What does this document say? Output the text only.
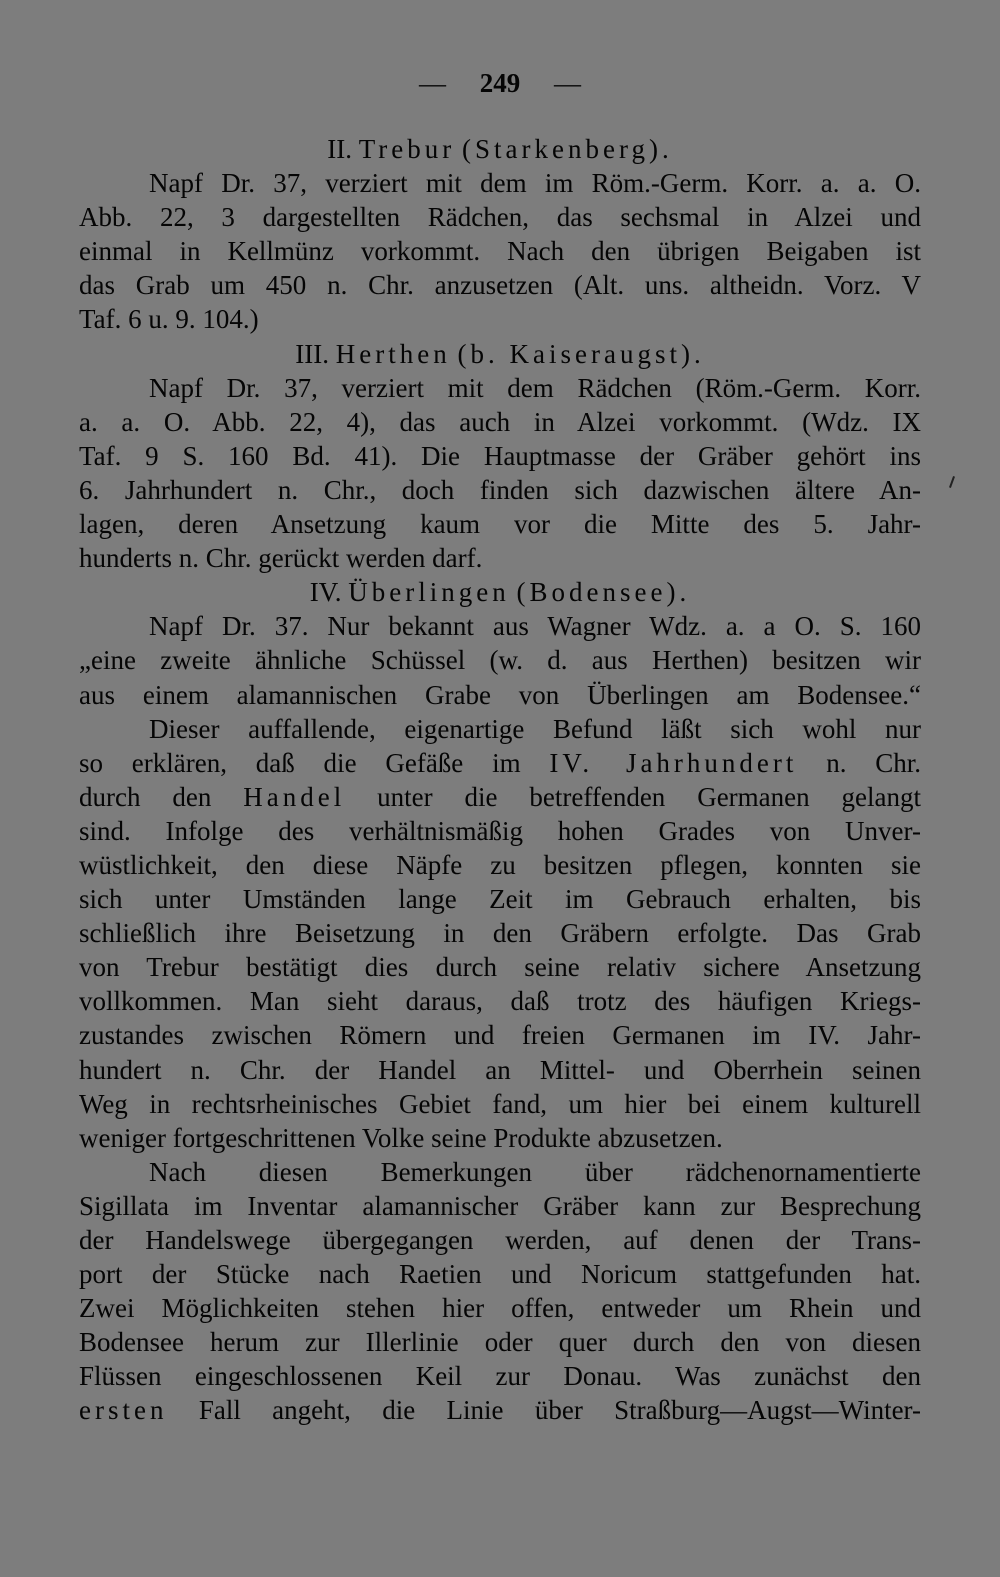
— 249 —
II. Trebur (Starkenberg).
Napf Dr. 37, verziert mit dem im Röm.-Germ. Korr. a. a. O.
Abb. 22, 3 dargestellten Rädchen, das sechsmal in Alzei und
einmal in Kellmünz vorkommt. Nach den übrigen Beigaben ist
das Grab um 450 n. Chr. anzusetzen (Alt. uns. altheidn. Vorz. V
Taf. 6 u. 9. 104.)
III. Herthen (b. Kaiseraugst).
Napf Dr. 37, verziert mit dem Rädchen (Röm.-Germ. Korr.
a. a. O. Abb. 22, 4), das auch in Alzei vorkommt. (Wdz. IX
Taf. 9 S. 160 Bd. 41). Die Hauptmasse der Gräber gehört ins
6. Jahrhundert n. Chr., doch finden sich dazwischen ältere An-
lagen, deren Ansetzung kaum vor die Mitte des 5. Jahr-
hunderts n. Chr. gerückt werden darf.
IV. Überlingen (Bodensee).
Napf Dr. 37. Nur bekannt aus Wagner Wdz. a. a O. S. 160
„eine zweite ähnliche Schüssel (w. d. aus Herthen) besitzen wir
aus einem alamannischen Grabe von Überlingen am Bodensee.“
Dieser auffallende, eigenartige Befund läßt sich wohl nur
so erklären, daß die Gefäße im IV. Jahrhundert n. Chr.
durch den Handel unter die betreffenden Germanen gelangt
sind. Infolge des verhältnismäßig hohen Grades von Unver-
wüstlichkeit, den diese Näpfe zu besitzen pflegen, konnten sie
sich unter Umständen lange Zeit im Gebrauch erhalten, bis
schließlich ihre Beisetzung in den Gräbern erfolgte. Das Grab
von Trebur bestätigt dies durch seine relativ sichere Ansetzung
vollkommen. Man sieht daraus, daß trotz des häufigen Kriegs-
zustandes zwischen Römern und freien Germanen im IV. Jahr-
hundert n. Chr. der Handel an Mittel- und Oberrhein seinen
Weg in rechtsrheinisches Gebiet fand, um hier bei einem kulturell
weniger fortgeschrittenen Volke seine Produkte abzusetzen.
Nach diesen Bemerkungen über rädchenornamentierte
Sigillata im Inventar alamannischer Gräber kann zur Besprechung
der Handelswege übergegangen werden, auf denen der Trans-
port der Stücke nach Raetien und Noricum stattgefunden hat.
Zwei Möglichkeiten stehen hier offen, entweder um Rhein und
Bodensee herum zur Illerlinie oder quer durch den von diesen
Flüssen eingeschlossenen Keil zur Donau. Was zunächst den
ersten Fall angeht, die Linie über Straßburg—Augst—Winter-
